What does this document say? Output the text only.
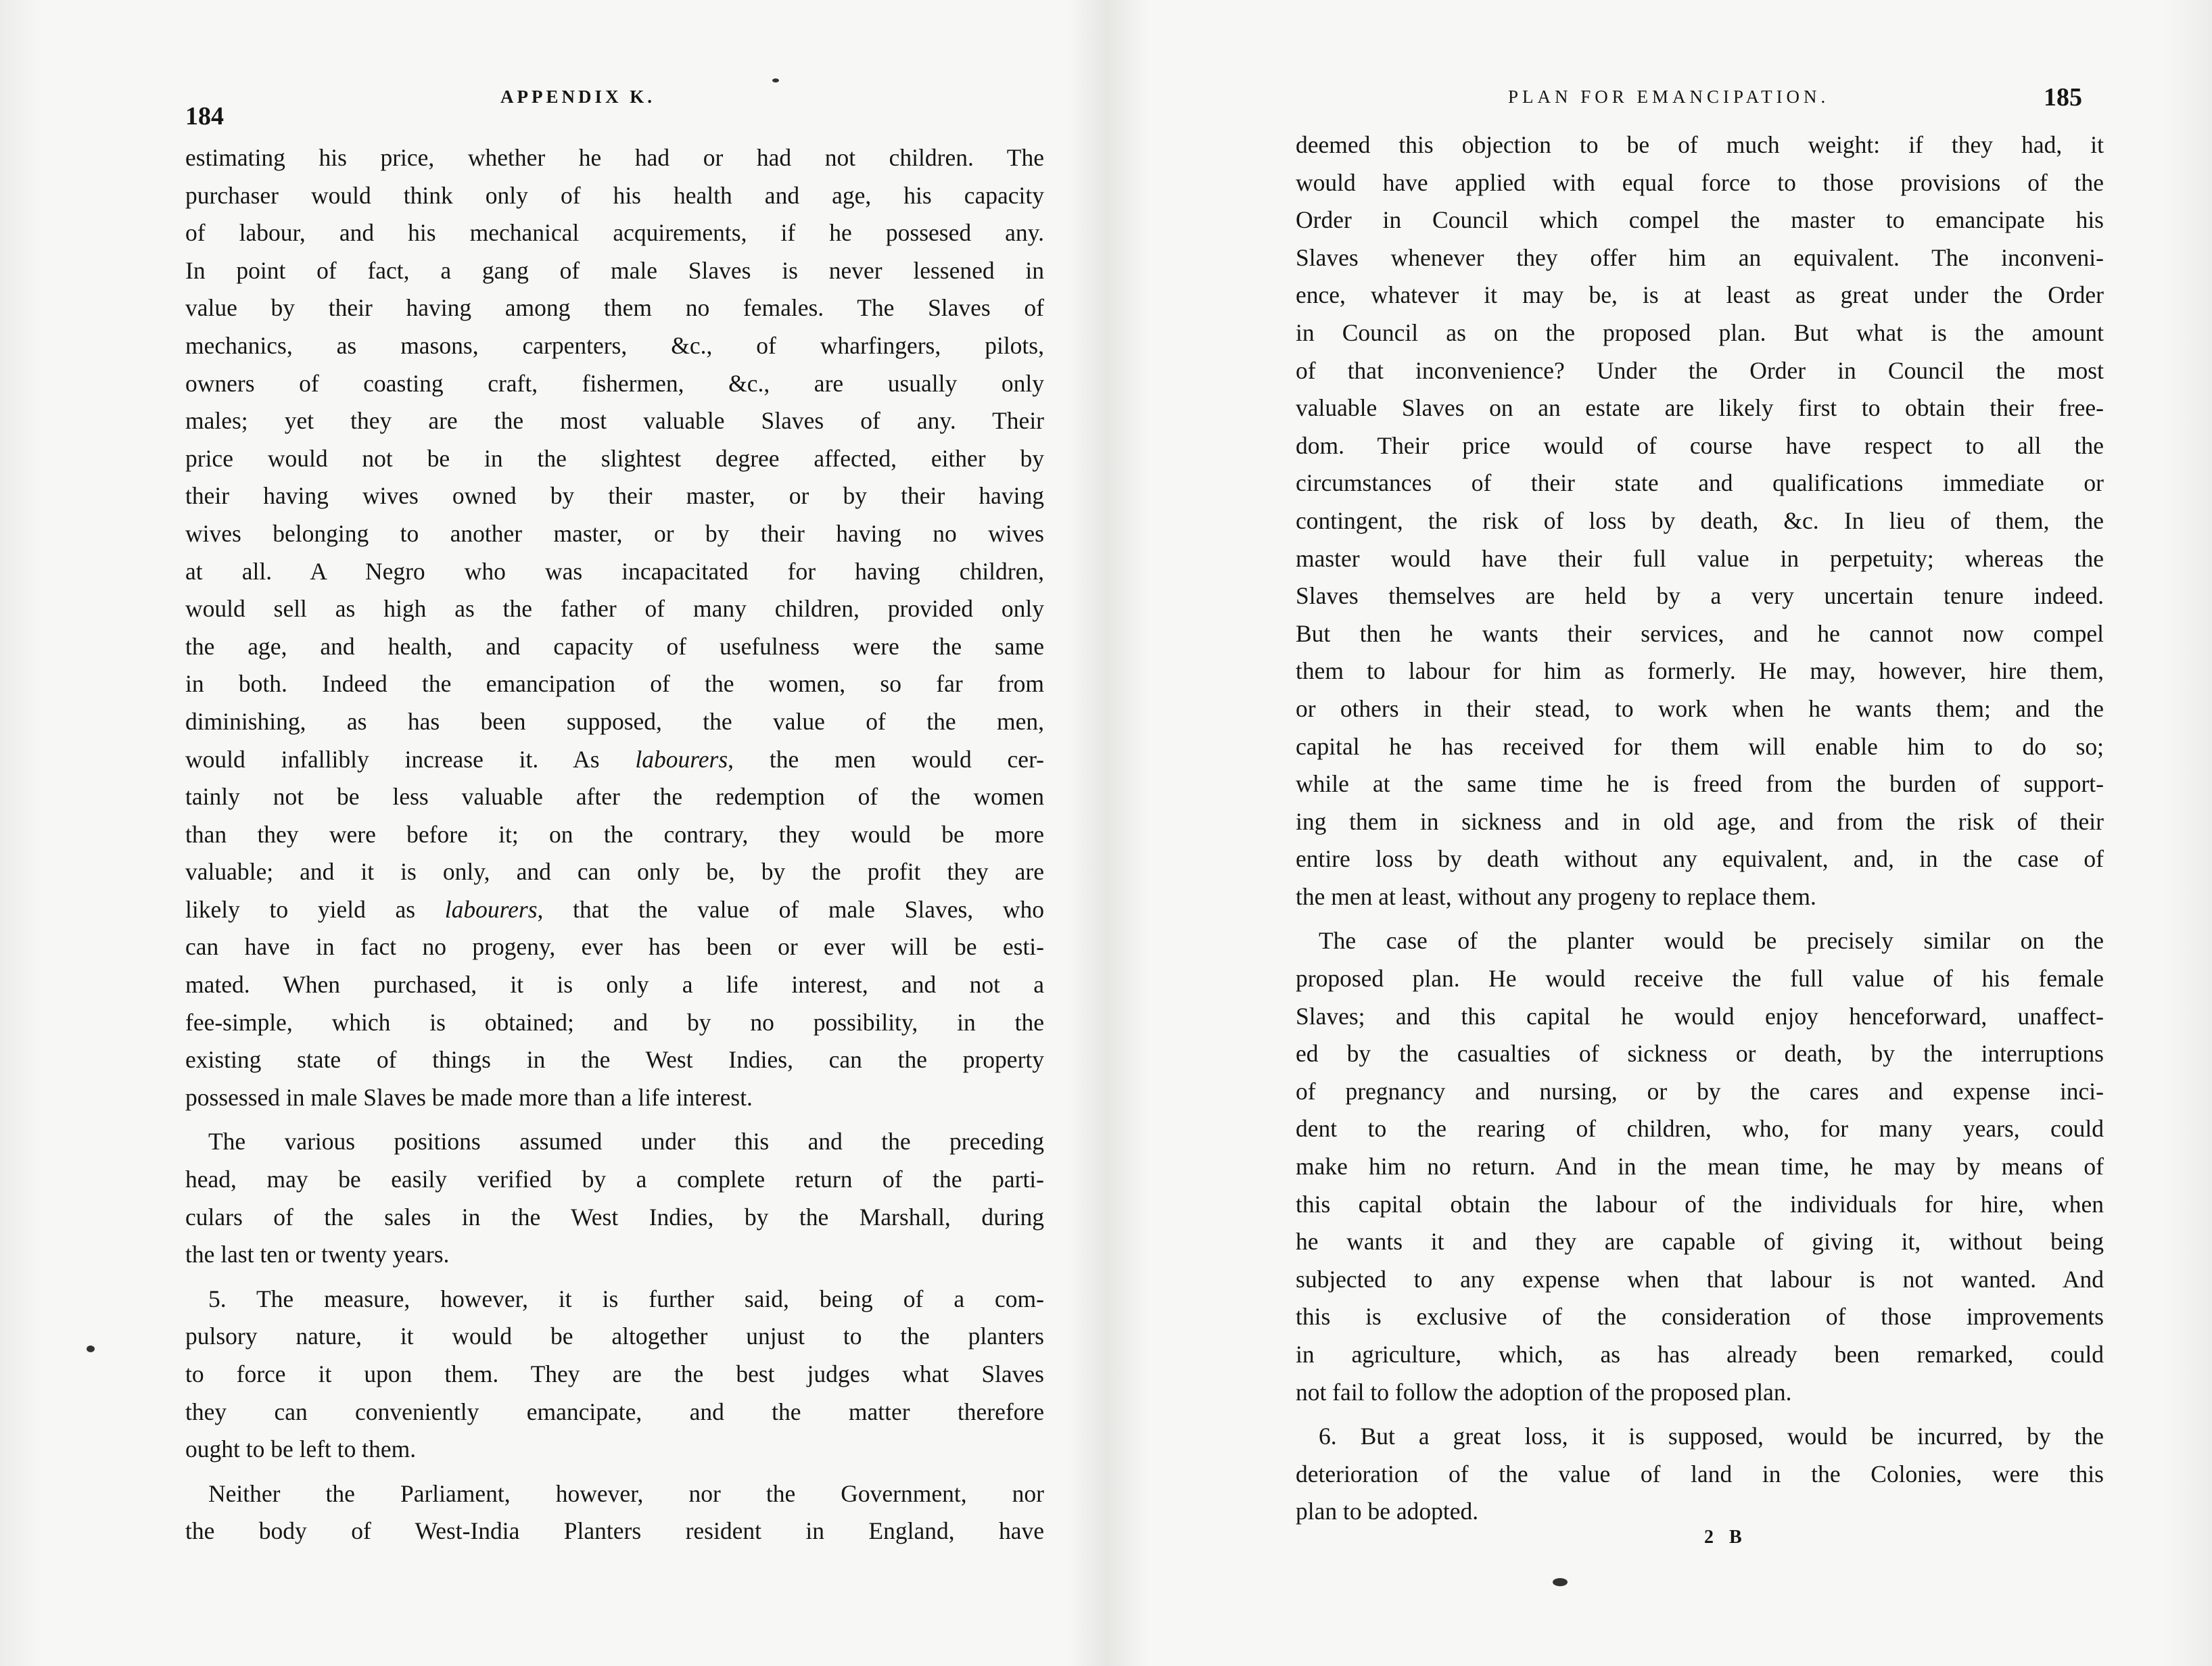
184
APPENDIX K.
estimating his price, whether he had or had not children. The
purchaser would think only of his health and age, his capacity
of labour, and his mechanical acquirements, if he possesed any.
In point of fact, a gang of male Slaves is never lessened in
value by their having among them no females. The Slaves of
mechanics, as masons, carpenters, &c., of wharfingers, pilots,
owners of coasting craft, fishermen, &c., are usually only
males; yet they are the most valuable Slaves of any. Their
price would not be in the slightest degree affected, either by
their having wives owned by their master, or by their having
wives belonging to another master, or by their having no wives
at all. A Negro who was incapacitated for having children,
would sell as high as the father of many children, provided only
the age, and health, and capacity of usefulness were the same
in both. Indeed the emancipation of the women, so far from
diminishing, as has been supposed, the value of the men,
would infallibly increase it. As labourers, the men would cer-
tainly not be less valuable after the redemption of the women
than they were before it; on the contrary, they would be more
valuable; and it is only, and can only be, by the profit they are
likely to yield as labourers, that the value of male Slaves, who
can have in fact no progeny, ever has been or ever will be esti-
mated. When purchased, it is only a life interest, and not a
fee-simple, which is obtained; and by no possibility, in the
existing state of things in the West Indies, can the property
possessed in male Slaves be made more than a life interest.
The various positions assumed under this and the preceding
head, may be easily verified by a complete return of the parti-
culars of the sales in the West Indies, by the Marshall, during
the last ten or twenty years.
5. The measure, however, it is further said, being of a com-
pulsory nature, it would be altogether unjust to the planters
to force it upon them. They are the best judges what Slaves
they can conveniently emancipate, and the matter therefore
ought to be left to them.
Neither the Parliament, however, nor the Government, nor
the body of West-India Planters resident in England, have
PLAN FOR EMANCIPATION.	185
deemed this objection to be of much weight: if they had, it
would have applied with equal force to those provisions of the
Order in Council which compel the master to emancipate his
Slaves whenever they offer him an equivalent. The inconveni-
ence, whatever it may be, is at least as great under the Order
in Council as on the proposed plan. But what is the amount
of that inconvenience? Under the Order in Council the most
valuable Slaves on an estate are likely first to obtain their free-
dom. Their price would of course have respect to all the
circumstances of their state and qualifications immediate or
contingent, the risk of loss by death, &c. In lieu of them, the
master would have their full value in perpetuity; whereas the
Slaves themselves are held by a very uncertain tenure indeed.
But then he wants their services, and he cannot now compel
them to labour for him as formerly. He may, however, hire them,
or others in their stead, to work when he wants them; and the
capital he has received for them will enable him to do so;
while at the same time he is freed from the burden of support-
ing them in sickness and in old age, and from the risk of their
entire loss by death without any equivalent, and, in the case of
the men at least, without any progeny to replace them.
The case of the planter would be precisely similar on the
proposed plan. He would receive the full value of his female
Slaves; and this capital he would enjoy henceforward, unaffect-
ed by the casualties of sickness or death, by the interruptions
of pregnancy and nursing, or by the cares and expense inci-
dent to the rearing of children, who, for many years, could
make him no return. And in the mean time, he may by means of
this capital obtain the labour of the individuals for hire, when
he wants it and they are capable of giving it, without being
subjected to any expense when that labour is not wanted. And
this is exclusive of the consideration of those improvements
in agriculture, which, as has already been remarked, could
not fail to follow the adoption of the proposed plan.
6. But a great loss, it is supposed, would be incurred, by the
deterioration of the value of land in the Colonies, were this
plan to be adopted.
2 B
